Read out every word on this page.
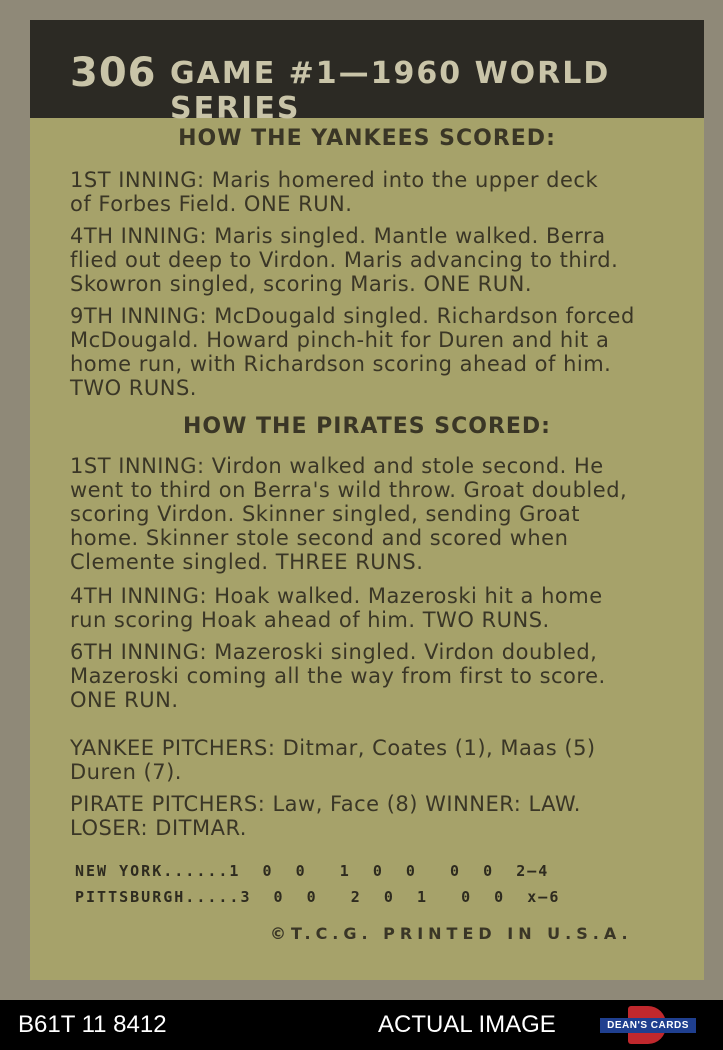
306 GAME #1—1960 WORLD SERIES
HOW THE YANKEES SCORED:
1ST INNING: Maris homered into the upper deck
of Forbes Field. ONE RUN.
4TH INNING: Maris singled. Mantle walked. Berra
flied out deep to Virdon. Maris advancing to third.
Skowron singled, scoring Maris. ONE RUN.
9TH INNING: McDougald singled. Richardson forced
McDougald. Howard pinch-hit for Duren and hit a
home run, with Richardson scoring ahead of him.
TWO RUNS.
HOW THE PIRATES SCORED:
1ST INNING: Virdon walked and stole second. He
went to third on Berra's wild throw. Groat doubled,
scoring Virdon. Skinner singled, sending Groat
home. Skinner stole second and scored when
Clemente singled. THREE RUNS.
4TH INNING: Hoak walked. Mazeroski hit a home
run scoring Hoak ahead of him. TWO RUNS.
6TH INNING: Mazeroski singled. Virdon doubled,
Mazeroski coming all the way from first to score.
ONE RUN.
YANKEE PITCHERS: Ditmar, Coates (1), Maas (5)
Duren (7).
PIRATE PITCHERS: Law, Face (8) WINNER: LAW.
LOSER: DITMAR.
NEW YORK......1  0  0   1  0  0   0  0  2—4
PITTSBURGH.....3  0  0   2  0  1   0  0  x—6
©T.C.G. PRINTED IN U.S.A.
B61T 11 8412	ACTUAL IMAGE	DEAN'S CARDS
